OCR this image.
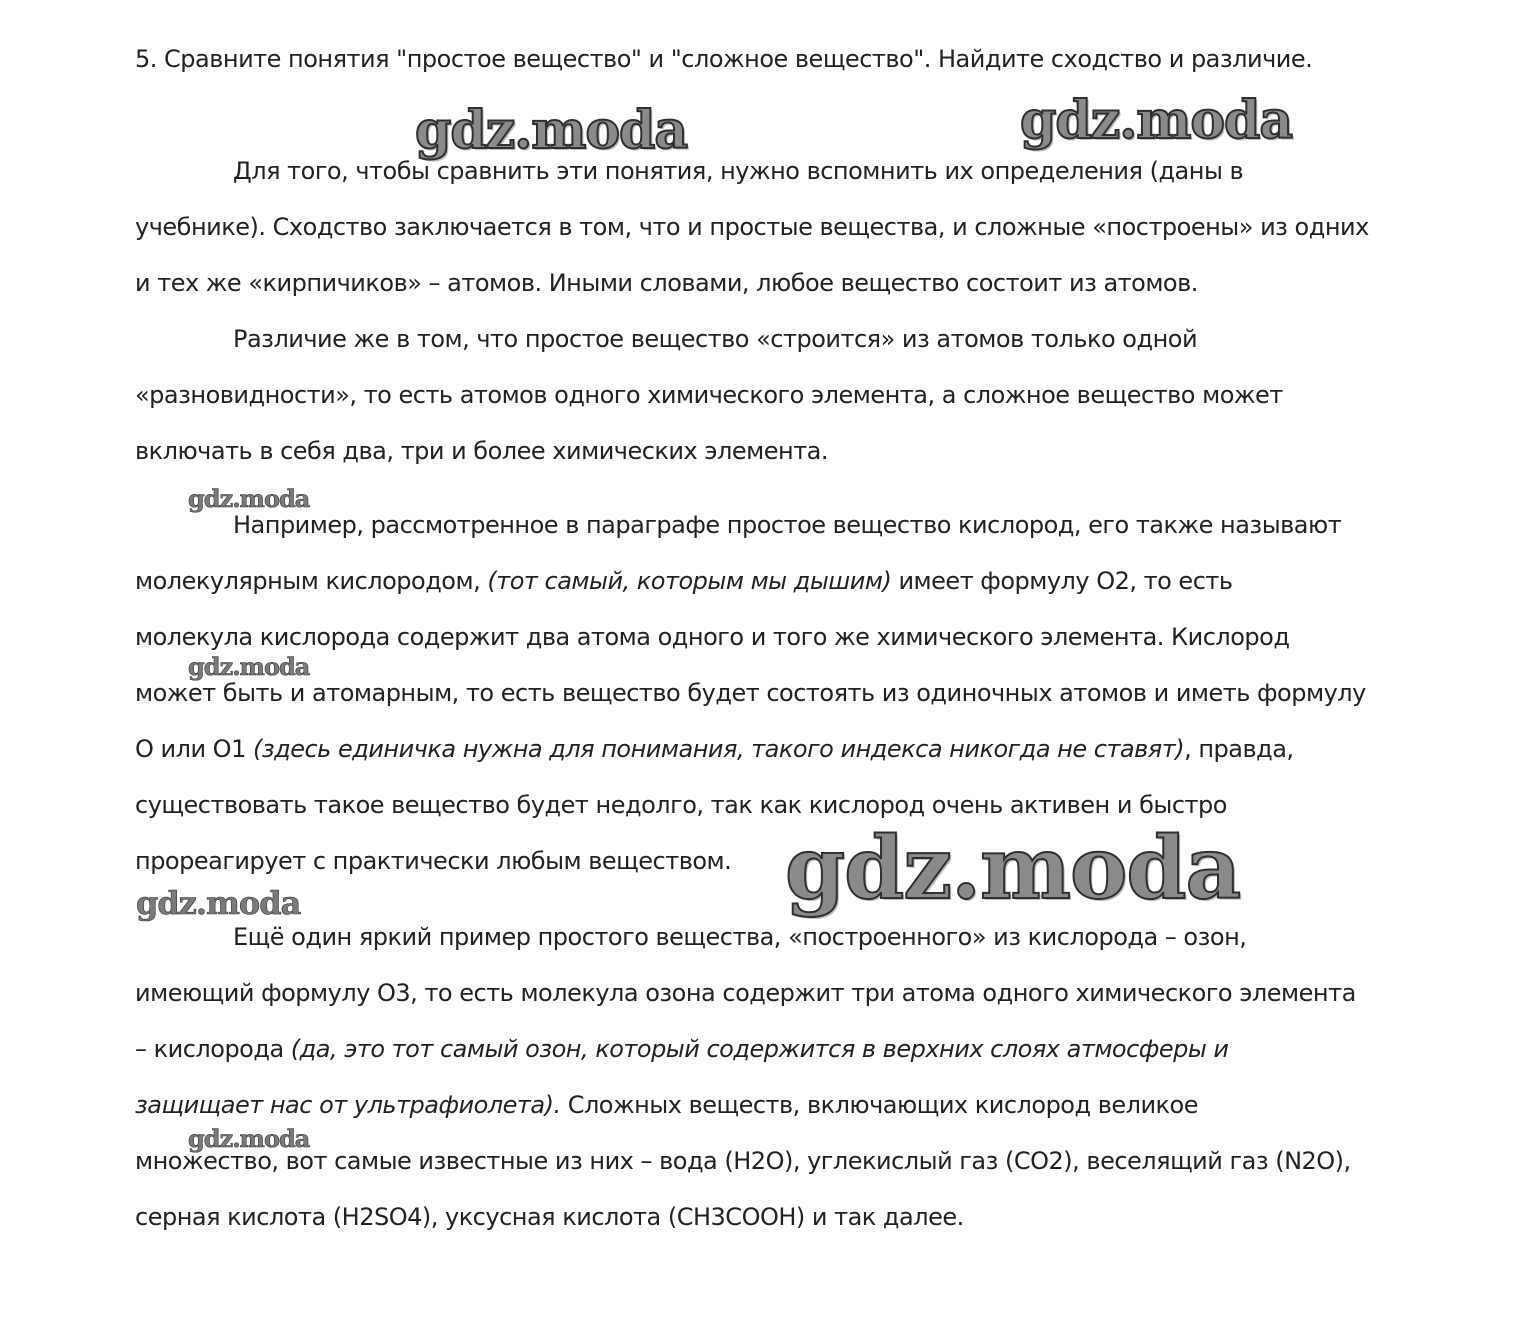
5. Сравните понятия "простое вещество" и "сложное вещество". Найдите сходство и различие.

gdz.moda	gdz.moda

Для того, чтобы сравнить эти понятия, нужно вспомнить их определения (даны в

учебнике). Сходство заключается в том, что и простые вещества, и сложные «построены» из одних

и тех же «кирпичиков» – атомов. Иными словами, любое вещество состоит из атомов.

Различие же в том, что простое вещество «строится» из атомов только одной

«разновидности», то есть атомов одного химического элемента, а сложное вещество может

включать в себя два, три и более химических элемента.

gdz.moda

Например, рассмотренное в параграфе простое вещество кислород, его также называют

молекулярным кислородом, (тот самый, которым мы дышим) имеет формулу О2, то есть

молекула кислорода содержит два атома одного и того же химического элемента. Кислород

gdz.moda

может быть и атомарным, то есть вещество будет состоять из одиночных атомов и иметь формулу

О или О1 (здесь единичка нужна для понимания, такого индекса никогда не ставят), правда,

существовать такое вещество будет недолго, так как кислород очень активен и быстро

прореагирует с практически любым веществом. gdz.moda
gdz.moda

Ещё один яркий пример простого вещества, «построенного» из кислорода – озон,

имеющий формулу О3, то есть молекула озона содержит три атома одного химического элемента

– кислорода (да, это тот самый озон, который содержится в верхних слоях атмосферы и

защищает нас от ультрафиолета). Сложных веществ, включающих кислород великое

gdz.moda

множество, вот самые известные из них – вода (Н2О), углекислый газ (СО2), веселящий газ (N2O),

серная кислота (H2SO4), уксусная кислота (CH3COOH) и так далее.
